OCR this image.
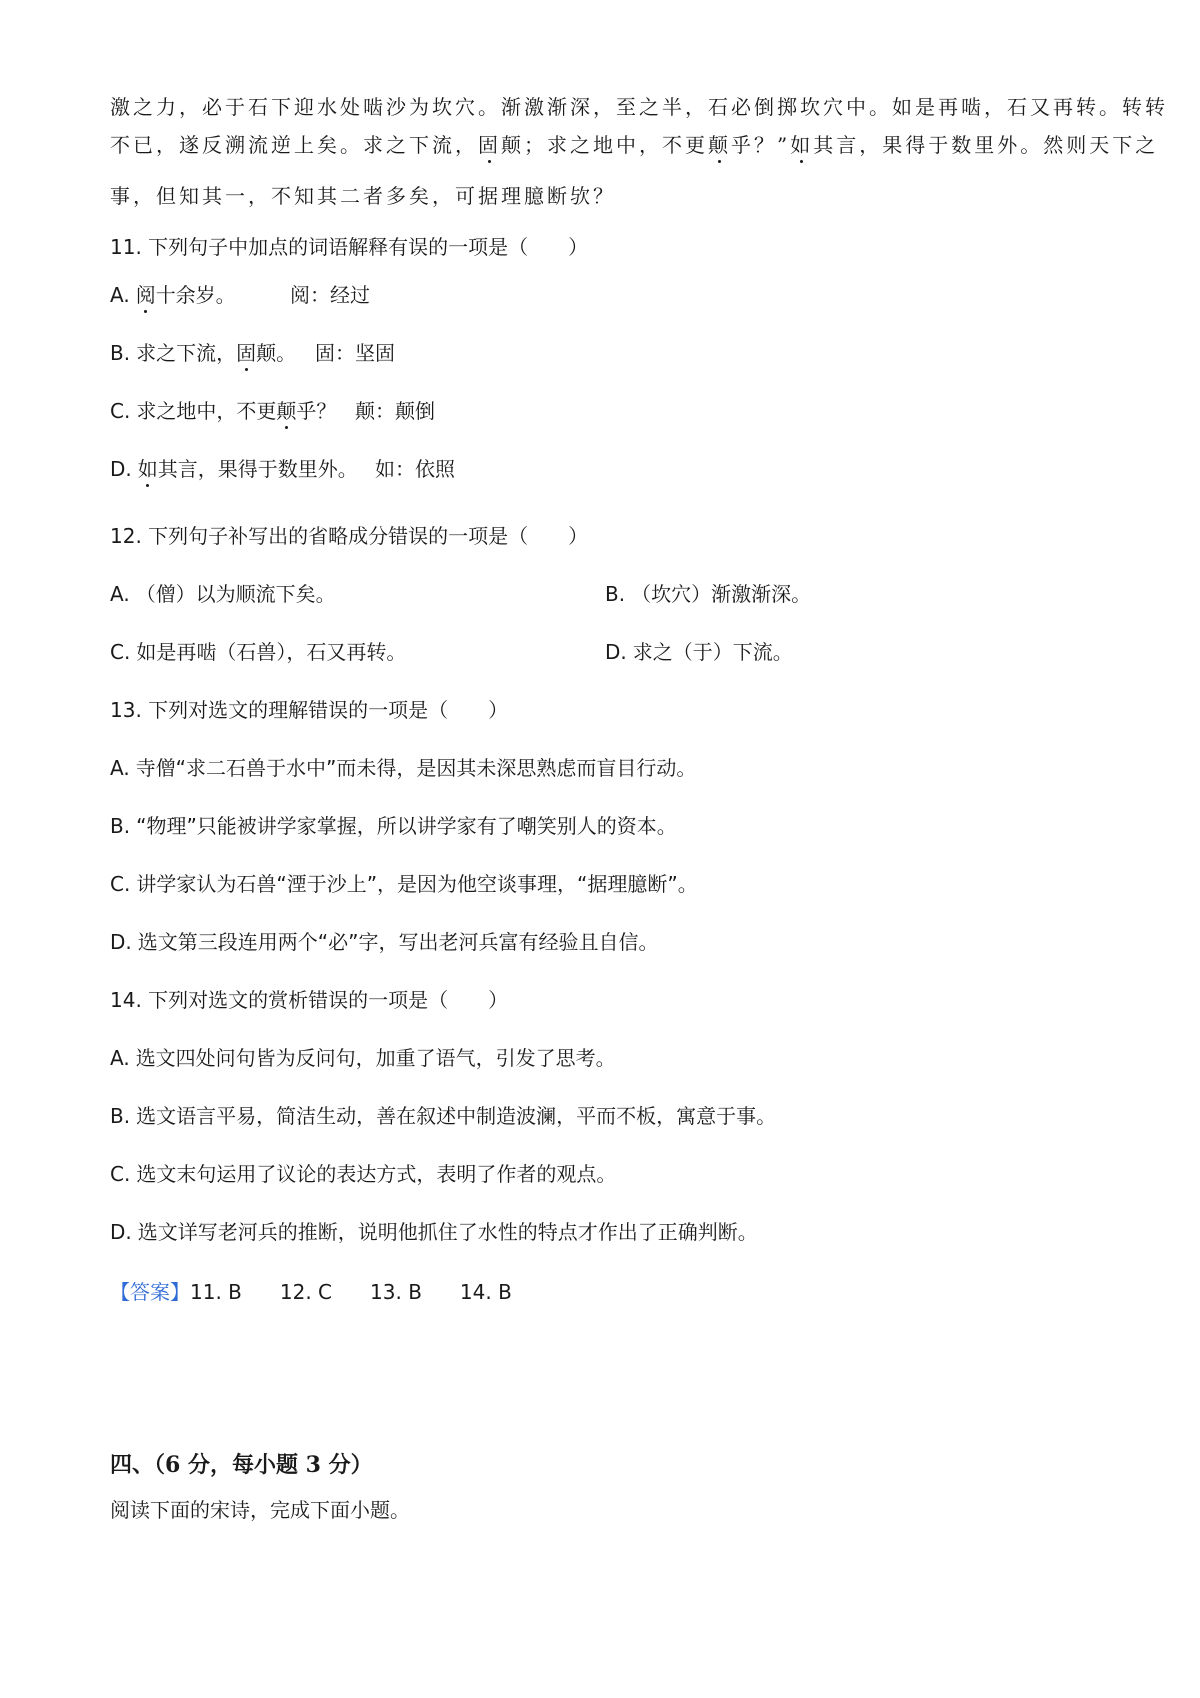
激之力，必于石下迎水处啮沙为坎穴。渐激渐深，至之半，石必倒掷坎穴中。如是再啮，石又再转。转转
不已，遂反溯流逆上矣。求之下流，固颠；求之地中，不更颠乎？”如其言，果得于数里外。然则天下之
事，但知其一，不知其二者多矣，可据理臆断欤？
11. 下列句子中加点的词语解释有误的一项是（　　）
A. 阅十余岁。	阅：经过
B. 求之下流，固颠。 固：坚固
C. 求之地中，不更颠乎？ 颠：颠倒
D. 如其言，果得于数里外。 如：依照
12. 下列句子补写出的省略成分错误的一项是（　　）
A. （僧）以为顺流下矣。	B. （坎穴）渐激渐深。
C. 如是再啮（石兽），石又再转。	D. 求之（于）下流。
13. 下列对选文的理解错误的一项是（　　）
A. 寺僧“求二石兽于水中”而未得，是因其未深思熟虑而盲目行动。
B. “物理”只能被讲学家掌握，所以讲学家有了嘲笑别人的资本。
C. 讲学家认为石兽“湮于沙上”，是因为他空谈事理，“据理臆断”。
D. 选文第三段连用两个“必”字，写出老河兵富有经验且自信。
14. 下列对选文的赏析错误的一项是（　　）
A. 选文四处问句皆为反问句，加重了语气，引发了思考。
B. 选文语言平易，简洁生动，善在叙述中制造波澜，平而不板，寓意于事。
C. 选文末句运用了议论的表达方式，表明了作者的观点。
D. 选文详写老河兵的推断，说明他抓住了水性的特点才作出了正确判断。
【答案】11. B 12. C 13. B 14. B
四、（6 分，每小题 3 分）
阅读下面的宋诗，完成下面小题。
